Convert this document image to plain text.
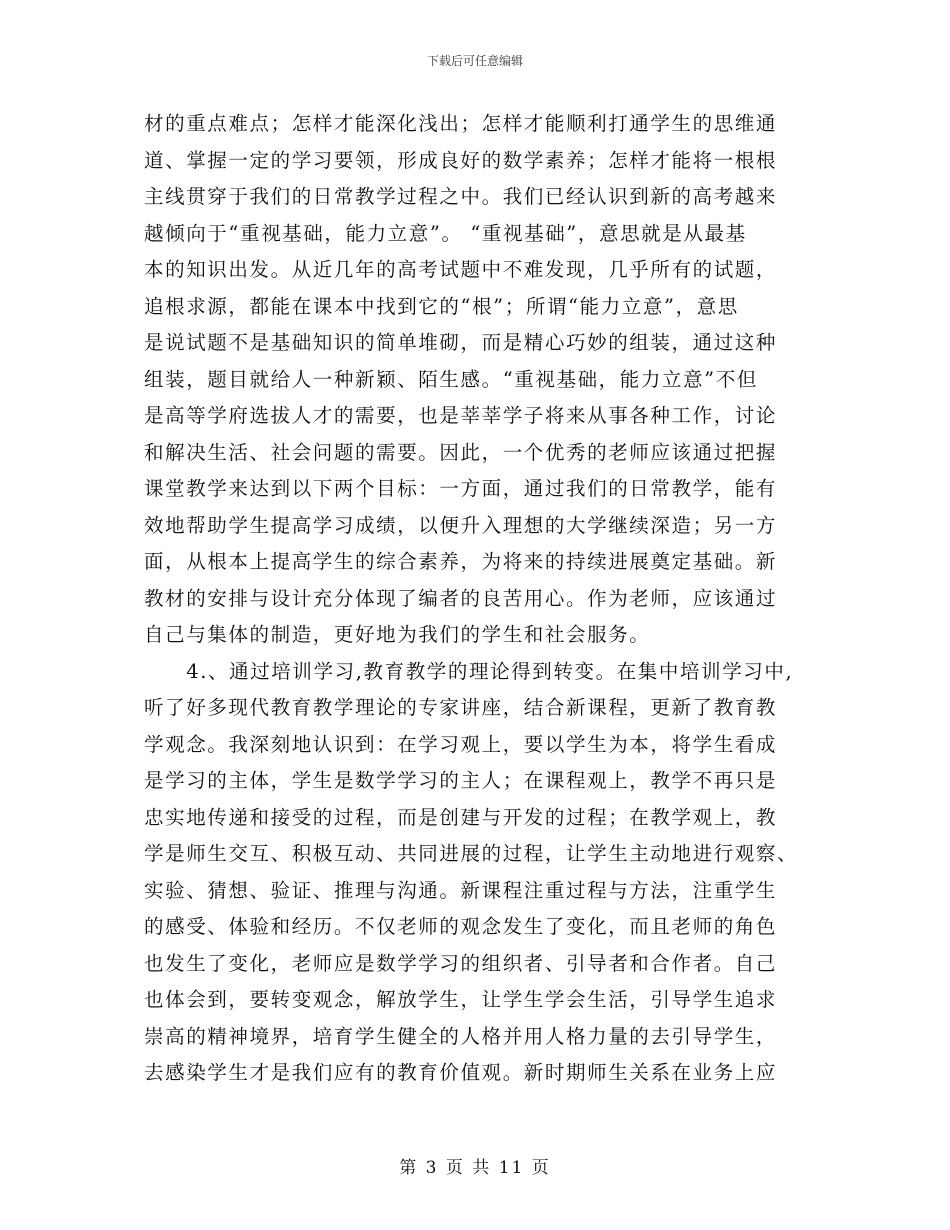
下载后可任意编辑
材的重点难点；怎样才能深化浅出；怎样才能顺利打通学生的思维通
道、掌握一定的学习要领，形成良好的数学素养；怎样才能将一根根
主线贯穿于我们的日常教学过程之中。我们已经认识到新的高考越来
越倾向于“重视基础，能力立意”。 “重视基础”，意思就是从最基
本的知识出发。从近几年的高考试题中不难发现，几乎所有的试题，
追根求源，都能在课本中找到它的“根”；所谓“能力立意”，意思
是说试题不是基础知识的简单堆砌，而是精心巧妙的组装，通过这种
组装，题目就给人一种新颖、陌生感。“重视基础，能力立意”不但
是高等学府选拔人才的需要，也是莘莘学子将来从事各种工作，讨论
和解决生活、社会问题的需要。因此，一个优秀的老师应该通过把握
课堂教学来达到以下两个目标：一方面，通过我们的日常教学，能有
效地帮助学生提高学习成绩，以便升入理想的大学继续深造；另一方
面，从根本上提高学生的综合素养，为将来的持续进展奠定基础。新
教材的安排与设计充分体现了编者的良苦用心。作为老师，应该通过
自己与集体的制造，更好地为我们的学生和社会服务。
　　4.、通过培训学习,教育教学的理论得到转变。在集中培训学习中,
听了好多现代教育教学理论的专家讲座，结合新课程，更新了教育教
学观念。我深刻地认识到：在学习观上，要以学生为本，将学生看成
是学习的主体，学生是数学学习的主人；在课程观上，教学不再只是
忠实地传递和接受的过程，而是创建与开发的过程；在教学观上，教
学是师生交互、积极互动、共同进展的过程，让学生主动地进行观察、
实验、猜想、验证、推理与沟通。新课程注重过程与方法，注重学生
的感受、体验和经历。不仅老师的观念发生了变化，而且老师的角色
也发生了变化，老师应是数学学习的组织者、引导者和合作者。自己
也体会到，要转变观念，解放学生，让学生学会生活，引导学生追求
崇高的精神境界，培育学生健全的人格并用人格力量的去引导学生，
去感染学生才是我们应有的教育价值观。新时期师生关系在业务上应
第 3 页 共 11 页
